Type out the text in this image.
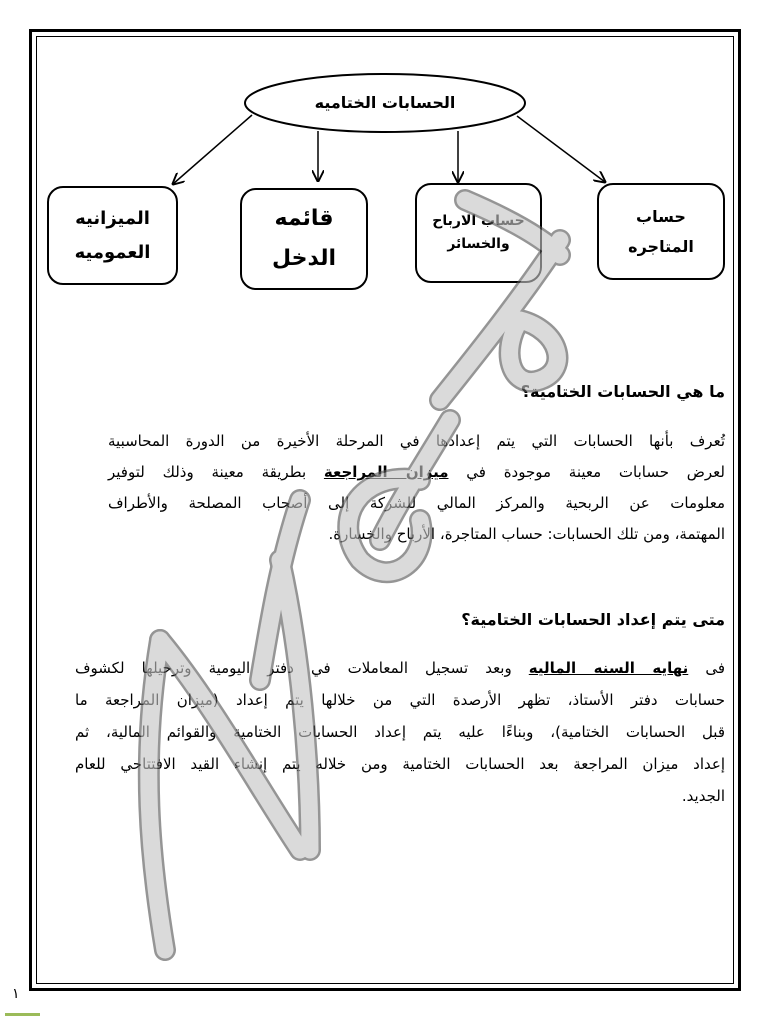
الحسابات الختاميه
حساب
المتاجره
حساب الارباح
والخسائر
قائمه
الدخل
الميزانيه
العموميه
ما هي الحسابات الختامية؟
تُعرف بأنها الحسابات التي يتم إعدادها في المرحلة الأخيرة من الدورة المحاسبية
لعرض حسابات معينة موجودة في ميزان المراجعة بطريقة معينة وذلك لتوفير
معلومات عن الربحية والمركز المالي للشركة إلى أصحاب المصلحة والأطراف
المهتمة، ومن تلك الحسابات: حساب المتاجرة، الأرباح والخسارة.
متى يتم إعداد الحسابات الختامية؟
فى نهايه السنه الماليه وبعد تسجيل المعاملات في دفتر اليومية وترحيلها لكشوف
حسابات دفتر الأستاذ، تظهر الأرصدة التي من خلالها يتم إعداد (ميزان المراجعة ما
قبل الحسابات الختامية)، وبناءًا عليه يتم إعداد الحسابات الختامية والقوائم المالية، ثم
إعداد ميزان المراجعة بعد الحسابات الختامية ومن خلاله يتم إنشاء القيد الافتتاحي للعام
الجديد.
١
